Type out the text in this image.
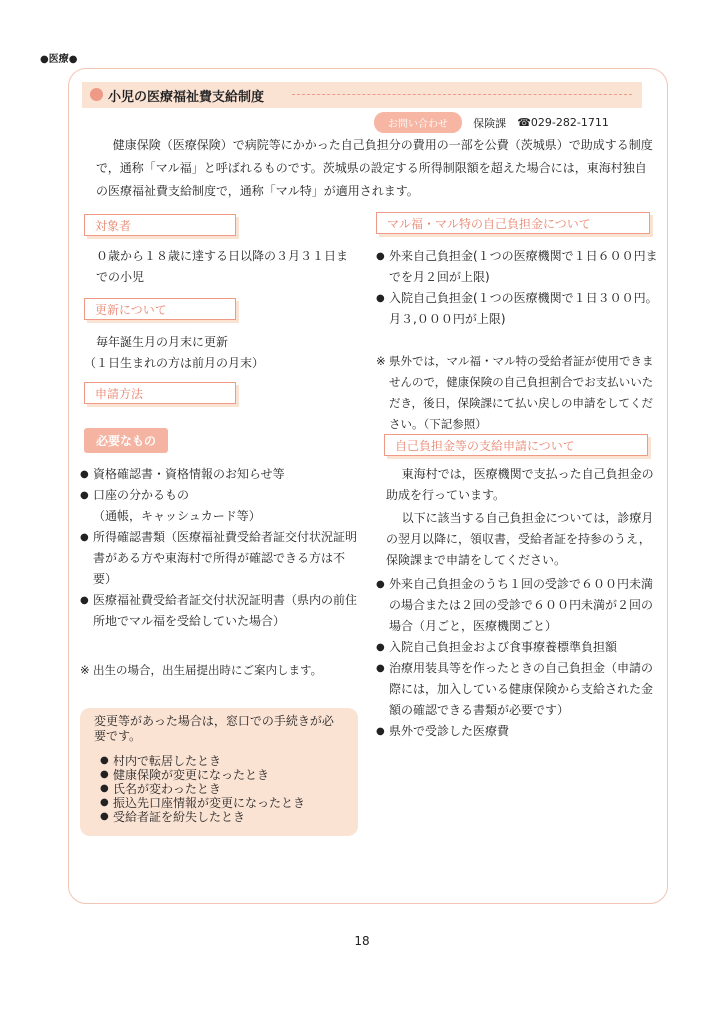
●医療●
小児の医療福祉費支給制度
お問い合わせ 保険課 ☎029-282-1711

健康保険（医療保険）で病院等にかかった自己負担分の費用の一部を公費（茨城県）で助成する制度で，通称「マル福」と呼ばれるものです。茨城県の設定する所得制限額を超えた場合には，東海村独自の医療福祉費支給制度で，通称「マル特」が適用されます。

対象者

０歳から１８歳に達する日以降の３月３１日までの小児

更新について

毎年誕生月の月末に更新

（１日生まれの方は前月の月末）

申請方法
必要なもの
● 資格確認書・資格情報のお知らせ等
● 口座の分かるもの
（通帳，キャッシュカード等）
● 所得確認書類（医療福祉費受給者証交付状況証明書がある方や東海村で所得が確認できる方は不要）
● 医療福祉費受給者証交付状況証明書（県内の前住所地でマル福を受給していた場合）
※ 出生の場合，出生届提出時にご案内します。

変更等があった場合は，窓口での手続きが必要です。

● 村内で転居したとき
● 健康保険が変更になったとき
● 氏名が変わったとき
● 振込先口座情報が変更になったとき
● 受給者証を紛失したとき
マル福・マル特の自己負担金について
● 外来自己負担金(１つの医療機関で１日６００円までを月２回が上限)
● 入院自己負担金(１つの医療機関で１日３００円。月３,０００円が上限)
※ 県外では，マル福・マル特の受給者証が使用できませんので，健康保険の自己負担割合でお支払いいただき，後日，保険課にて払い戻しの申請をしてください。（下記参照）
自己負担金等の支給申請について

東海村では，医療機関で支払った自己負担金の助成を行っています。

以下に該当する自己負担金については，診療月の翌月以降に，領収書，受給者証を持参のうえ，保険課まで申請をしてください。

● 外来自己負担金のうち１回の受診で６００円未満の場合または２回の受診で６００円未満が２回の場合（月ごと，医療機関ごと）
● 入院自己負担金および食事療養標準負担額
● 治療用装具等を作ったときの自己負担金（申請の際には，加入している健康保険から支給された金額の確認できる書類が必要です）
● 県外で受診した医療費
18
